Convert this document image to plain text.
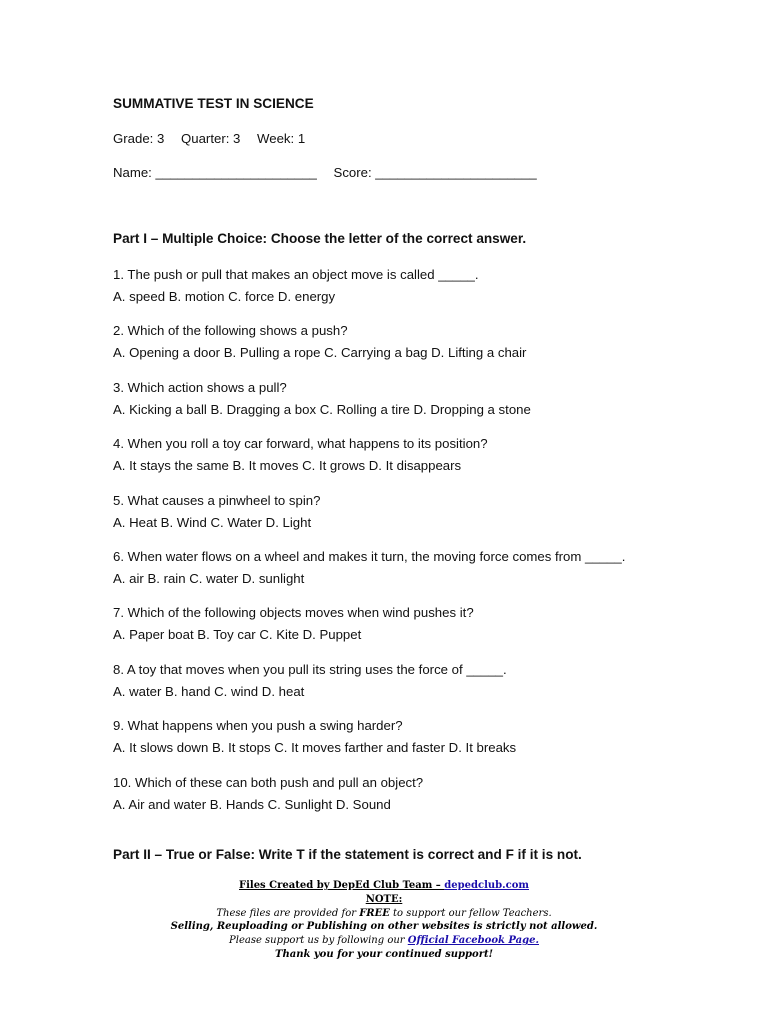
SUMMATIVE TEST IN SCIENCE
Grade: 3 Quarter: 3 Week: 1
Name: ______________________ Score: ______________________
Part I – Multiple Choice: Choose the letter of the correct answer.
1. The push or pull that makes an object move is called _____.
A. speed B. motion C. force D. energy
2. Which of the following shows a push?
A. Opening a door B. Pulling a rope C. Carrying a bag D. Lifting a chair
3. Which action shows a pull?
A. Kicking a ball B. Dragging a box C. Rolling a tire D. Dropping a stone
4. When you roll a toy car forward, what happens to its position?
A. It stays the same B. It moves C. It grows D. It disappears
5. What causes a pinwheel to spin?
A. Heat B. Wind C. Water D. Light
6. When water flows on a wheel and makes it turn, the moving force comes from _____.
A. air B. rain C. water D. sunlight
7. Which of the following objects moves when wind pushes it?
A. Paper boat B. Toy car C. Kite D. Puppet
8. A toy that moves when you pull its string uses the force of _____.
A. water B. hand C. wind D. heat
9. What happens when you push a swing harder?
A. It slows down B. It stops C. It moves farther and faster D. It breaks
10. Which of these can both push and pull an object?
A. Air and water B. Hands C. Sunlight D. Sound
Part II – True or False: Write T if the statement is correct and F if it is not.
Files Created by DepEd Club Team – depedclub.com
NOTE:
These files are provided for FREE to support our fellow Teachers.
Selling, Reuploading or Publishing on other websites is strictly not allowed.
Please support us by following our Official Facebook Page.
Thank you for your continued support!
